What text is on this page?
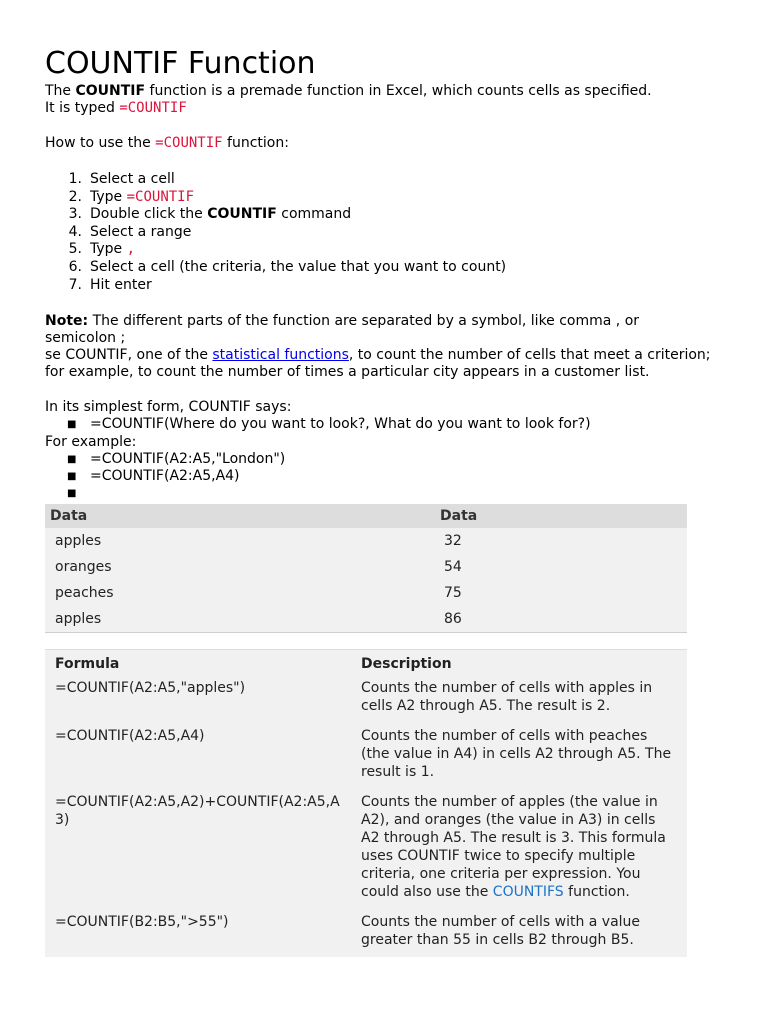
COUNTIF Function
The COUNTIF function is a premade function in Excel, which counts cells as specified.
It is typed =COUNTIF
How to use the =COUNTIF function:
1. Select a cell
2. Type =COUNTIF
3. Double click the COUNTIF command
4. Select a range
5. Type ,
6. Select a cell (the criteria, the value that you want to count)
7. Hit enter
Note: The different parts of the function are separated by a symbol, like comma , or semicolon ;
se COUNTIF, one of the statistical functions, to count the number of cells that meet a criterion; for example, to count the number of times a particular city appears in a customer list.
In its simplest form, COUNTIF says:
■ =COUNTIF(Where do you want to look?, What do you want to look for?)
For example:
■ =COUNTIF(A2:A5,"London")
■ =COUNTIF(A2:A5,A4)
■
Data	Data
apples	32
oranges	54
peaches	75
apples	86
Formula	Description
=COUNTIF(A2:A5,"apples")	Counts the number of cells with apples in cells A2 through A5. The result is 2.
=COUNTIF(A2:A5,A4)	Counts the number of cells with peaches (the value in A4) in cells A2 through A5. The result is 1.
=COUNTIF(A2:A5,A2)+COUNTIF(A2:A5,A3)	Counts the number of apples (the value in A2), and oranges (the value in A3) in cells A2 through A5. The result is 3. This formula uses COUNTIF twice to specify multiple criteria, one criteria per expression. You could also use the COUNTIFS function.
=COUNTIF(B2:B5,">55")	Counts the number of cells with a value greater than 55 in cells B2 through B5.
